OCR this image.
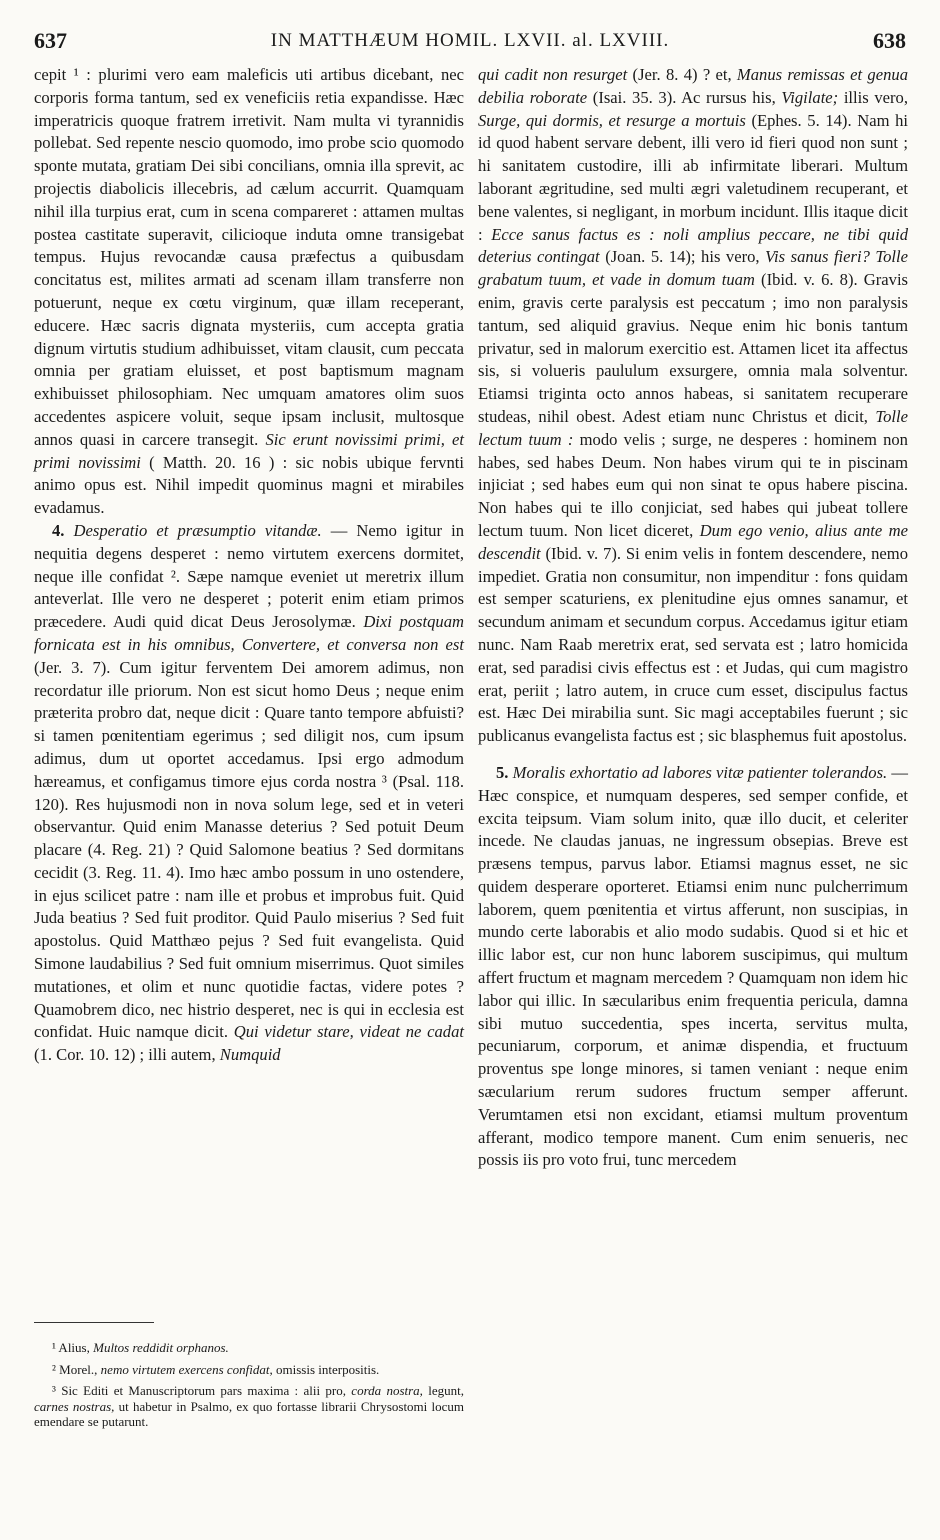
637	IN MATTHÆUM HOMIL. LXVII. al. LXVIII.	638

cepit ¹ : plurimi vero eam maleficis uti artibus dicebant, nec corporis forma tantum, sed ex veneficiis retia expandisse. Hæc imperatricis quoque fratrem irretivit. Nam multa vi tyrannidis pollebat. Sed repente nescio quomodo, imo probe scio quomodo sponte mutata, gratiam Dei sibi concilians, omnia illa sprevit, ac projectis diabolicis illecebris, ad cælum accurrit. Quamquam nihil illa turpius erat, cum in scena compareret : attamen multas postea castitate superavit, cilicioque induta omne transigebat tempus. Hujus revocandæ causa præfectus a quibusdam concitatus est, milites armati ad scenam illam transferre non potuerunt, neque ex cœtu virginum, quæ illam receperant, educere. Hæc sacris dignata mysteriis, cum accepta gratia dignum virtutis studium adhibuisset, vitam clausit, cum peccata omnia per gratiam eluisset, et post baptismum magnam exhibuisset philosophiam. Nec umquam amatores olim suos accedentes aspicere voluit, seque ipsam inclusit, multosque annos quasi in carcere transegit. Sic erunt novissimi primi, et primi novissimi ( Matth. 20. 16 ) : sic nobis ubique fervnti animo opus est. Nihil impedit quominus magni et mirabiles evadamus.

4. Desperatio et præsumptio vitandæ. — Nemo igitur in nequitia degens desperet : nemo virtutem exercens dormitet, neque ille confidat ². Sæpe namque eveniet ut meretrix illum anteverlat. Ille vero ne desperet ; poterit enim etiam primos præcedere. Audi quid dicat Deus Jerosolymæ. Dixi postquam fornicata est in his omnibus, Convertere, et conversa non est (Jer. 3. 7). Cum igitur ferventem Dei amorem adimus, non recordatur ille priorum. Non est sicut homo Deus ; neque enim præterita probro dat, neque dicit : Quare tanto tempore abfuisti? si tamen pœnitentiam egerimus ; sed diligit nos, cum ipsum adimus, dum ut oportet accedamus. Ipsi ergo admodum hæreamus, et configamus timore ejus corda nostra ³ (Psal. 118. 120). Res hujusmodi non in nova solum lege, sed et in veteri observantur. Quid enim Manasse deterius ? Sed potuit Deum placare (4. Reg. 21) ? Quid Salomone beatius ? Sed dormitans cecidit (3. Reg. 11. 4). Imo hæc ambo possum in uno ostendere, in ejus scilicet patre : nam ille et probus et improbus fuit. Quid Juda beatius ? Sed fuit proditor. Quid Paulo miserius ? Sed fuit apostolus. Quid Matthæo pejus ? Sed fuit evangelista. Quid Simone laudabilius ? Sed fuit omnium miserrimus. Quot similes mutationes, et olim et nunc quotidie factas, videre potes ? Quamobrem dico, nec histrio desperet, nec is qui in ecclesia est confidat. Huic namque dicit. Qui videtur stare, videat ne cadat (1. Cor. 10. 12) ; illi autem, Numquid

qui cadit non resurget (Jer. 8. 4) ? et, Manus remissas et genua debilia roborate (Isai. 35. 3). Ac rursus his, Vigilate; illis vero, Surge, qui dormis, et resurge a mortuis (Ephes. 5. 14). Nam hi id quod habent servare debent, illi vero id fieri quod non sunt ; hi sanitatem custodire, illi ab infirmitate liberari. Multum laborant ægritudine, sed multi ægri valetudinem recuperant, et bene valentes, si negligant, in morbum incidunt. Illis itaque dicit : Ecce sanus factus es : noli amplius peccare, ne tibi quid deterius contingat (Joan. 5. 14); his vero, Vis sanus fieri? Tolle grabatum tuum, et vade in domum tuam (Ibid. v. 6. 8). Gravis enim, gravis certe paralysis est peccatum ; imo non paralysis tantum, sed aliquid gravius. Neque enim hic bonis tantum privatur, sed in malorum exercitio est. Attamen licet ita affectus sis, si volueris paululum exsurgere, omnia mala solventur. Etiamsi triginta octo annos habeas, si sanitatem recuperare studeas, nihil obest. Adest etiam nunc Christus et dicit, Tolle lectum tuum : modo velis ; surge, ne desperes : hominem non habes, sed habes Deum. Non habes virum qui te in piscinam injiciat ; sed habes eum qui non sinat te opus habere piscina. Non habes qui te illo conjiciat, sed habes qui jubeat tollere lectum tuum. Non licet diceret, Dum ego venio, alius ante me descendit (Ibid. v. 7). Si enim velis in fontem descendere, nemo impediet. Gratia non consumitur, non impenditur : fons quidam est semper scaturiens, ex plenitudine ejus omnes sanamur, et secundum animam et secundum corpus. Accedamus igitur etiam nunc. Nam Raab meretrix erat, sed servata est ; latro homicida erat, sed paradisi civis effectus est : et Judas, qui cum magistro erat, periit ; latro autem, in cruce cum esset, discipulus factus est. Hæc Dei mirabilia sunt. Sic magi acceptabiles fuerunt ; sic publicanus evangelista factus est ; sic blasphemus fuit apostolus.

5. Moralis exhortatio ad labores vitæ patienter tolerandos. — Hæc conspice, et numquam desperes, sed semper confide, et excita teipsum. Viam solum inito, quæ illo ducit, et celeriter incede. Ne claudas januas, ne ingressum obsepias. Breve est præsens tempus, parvus labor. Etiamsi magnus esset, ne sic quidem desperare oporteret. Etiamsi enim nunc pulcherrimum laborem, quem pœnitentia et virtus afferunt, non suscipias, in mundo certe laborabis et alio modo sudabis. Quod si et hic et illic labor est, cur non hunc laborem suscipimus, qui multum affert fructum et magnam mercedem ? Quamquam non idem hic labor qui illic. In sæcularibus enim frequentia pericula, damna sibi mutuo succedentia, spes incerta, servitus multa, pecuniarum, corporum, et animæ dispendia, et fructuum proventus spe longe minores, si tamen veniant : neque enim sæcularium rerum sudores fructum semper afferunt. Verumtamen etsi non excidant, etiamsi multum proventum afferant, modico tempore manent. Cum enim senueris, nec possis iis pro voto frui, tunc mercedem

¹ Alius, Multos reddidit orphanos.

² Morel., nemo virtutem exercens confidat, omissis interpositis.

³ Sic Editi et Manuscriptorum pars maxima : alii pro, corda nostra, legunt, carnes nostras, ut habetur in Psalmo, ex quo fortasse librarii Chrysostomi locum emendare se putarunt.
